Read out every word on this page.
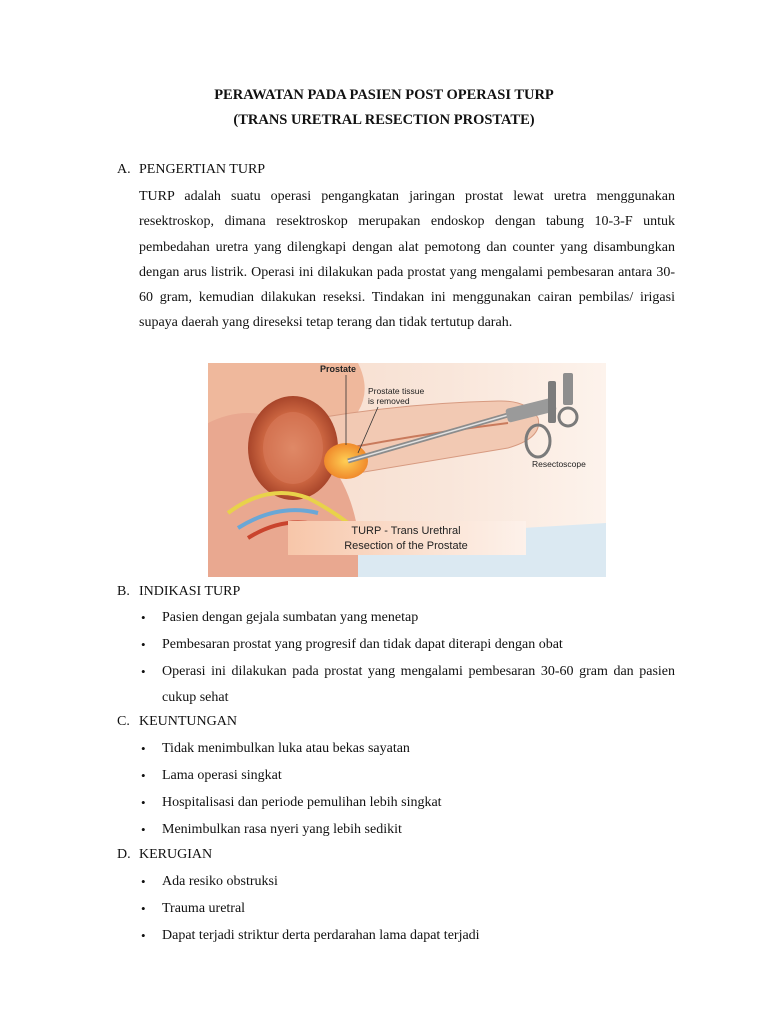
PERAWATAN PADA PASIEN POST OPERASI TURP
(TRANS URETRAL RESECTION PROSTATE)
A. PENGERTIAN TURP

TURP adalah suatu operasi pengangkatan jaringan prostat lewat uretra menggunakan resektroskop, dimana resektroskop merupakan endoskop dengan tabung 10-3-F untuk pembedahan uretra yang dilengkapi dengan alat pemotong dan counter yang disambungkan dengan arus listrik. Operasi ini dilakukan pada prostat yang mengalami pembesaran antara 30-60 gram, kemudian dilakukan reseksi. Tindakan ini menggunakan cairan pembilas/ irigasi supaya daerah yang direseksi tetap terang dan tidak tertutup darah.

Prostate
Prostate tissue
is removed
Resectoscope
TURP - Trans Urethral
Resection of the Prostate
B. INDIKASI TURP
• Pasien dengan gejala sumbatan yang menetap
• Pembesaran prostat yang progresif dan tidak dapat diterapi dengan obat
• Operasi ini dilakukan pada prostat yang mengalami pembesaran 30-60 gram dan pasien cukup sehat
C. KEUNTUNGAN
• Tidak menimbulkan luka atau bekas sayatan
• Lama operasi singkat
• Hospitalisasi dan periode pemulihan lebih singkat
• Menimbulkan rasa nyeri yang lebih sedikit
D. KERUGIAN
• Ada resiko obstruksi
• Trauma uretral
• Dapat terjadi striktur derta perdarahan lama dapat terjadi
